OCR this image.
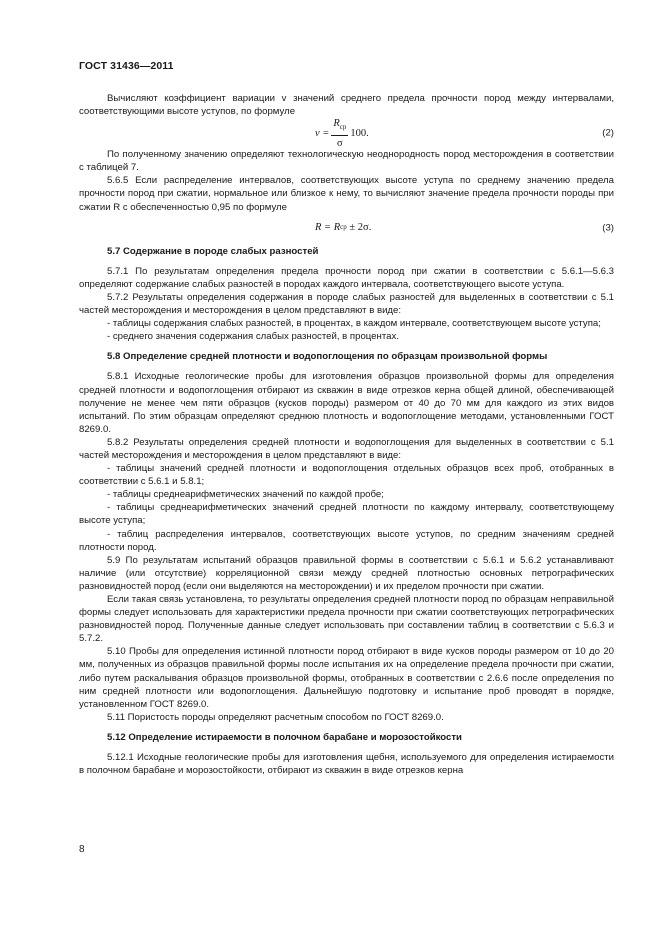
ГОСТ 31436—2011

Вычисляют коэффициент вариации v значений среднего предела прочности пород между интервалами, соответствующими высоте уступов, по формуле

$v = \frac{R_{ср}}{\sigma} 100$.	(2)

По полученному значению определяют технологическую неоднородность пород месторождения в соответствии с таблицей 7.

5.6.5 Если распределение интервалов, соответствующих высоте уступа по среднему значению предела прочности пород при сжатии, нормальное или близкое к нему, то вычисляют значение предела прочности породы при сжатии R с обеспеченностью 0,95 по формуле

R =
R ср
± 2σ.	(3)
5.7 Содержание в породе слабых разностей

5.7.1 По результатам определения предела прочности пород при сжатии в соответствии с 5.6.1—5.6.3 определяют содержание слабых разностей в породах каждого интервала, соответствующего высоте уступа.

5.7.2 Результаты определения содержания в породе слабых разностей для выделенных в соответствии с 5.1 частей месторождения и месторождения в целом представляют в виде:

- таблицы содержания слабых разностей, в процентах, в каждом интервале, соответствующем высоте уступа;

- среднего значения содержания слабых разностей, в процентах.

5.8 Определение средней плотности и водопоглощения по образцам произвольной формы

5.8.1 Исходные геологические пробы для изготовления образцов произвольной формы для определения средней плотности и водопоглощения отбирают из скважин в виде отрезков керна общей длиной, обеспечивающей получение не менее чем пяти образцов (кусков породы) размером от 40 до 70 мм для каждого из этих видов испытаний. По этим образцам определяют среднюю плотность и водопоглощение методами, установленными ГОСТ 8269.0.

5.8.2 Результаты определения средней плотности и водопоглощения для выделенных в соответствии с 5.1 частей месторождения и месторождения в целом представляют в виде:

- таблицы значений средней плотности и водопоглощения отдельных образцов всех проб, отобранных в соответствии с 5.6.1 и 5.8.1;

- таблицы среднеарифметических значений по каждой пробе;

- таблицы среднеарифметических значений средней плотности по каждому интервалу, соответствующему высоте уступа;

- таблиц распределения интервалов, соответствующих высоте уступов, по средним значениям средней плотности пород.

5.9 По результатам испытаний образцов правильной формы в соответствии с 5.6.1 и 5.6.2 устанавливают наличие (или отсутствие) корреляционной связи между средней плотностью основных петрографических разновидностей пород (если они выделяются на месторождении) и их пределом прочности при сжатии.

Если такая связь установлена, то результаты определения средней плотности пород по образцам неправильной формы следует использовать для характеристики предела прочности при сжатии соответствующих петрографических разновидностей пород. Полученные данные следует использовать при составлении таблиц в соответствии с 5.6.3 и 5.7.2.

5.10 Пробы для определения истинной плотности пород отбирают в виде кусков породы размером от 10 до 20 мм, полученных из образцов правильной формы после испытания их на определение предела прочности при сжатии, либо путем раскалывания образцов произвольной формы, отобранных в соответствии с 2.6.6 после определения по ним средней плотности или водопоглощения. Дальнейшую подготовку и испытание проб проводят в порядке, установленном ГОСТ 8269.0.

5.11 Пористость породы определяют расчетным способом по ГОСТ 8269.0.

5.12 Определение истираемости в полочном барабане и морозостойкости

5.12.1 Исходные геологические пробы для изготовления щебня, используемого для определения истираемости в полочном барабане и морозостойкости, отбирают из скважин в виде отрезков керна

8
